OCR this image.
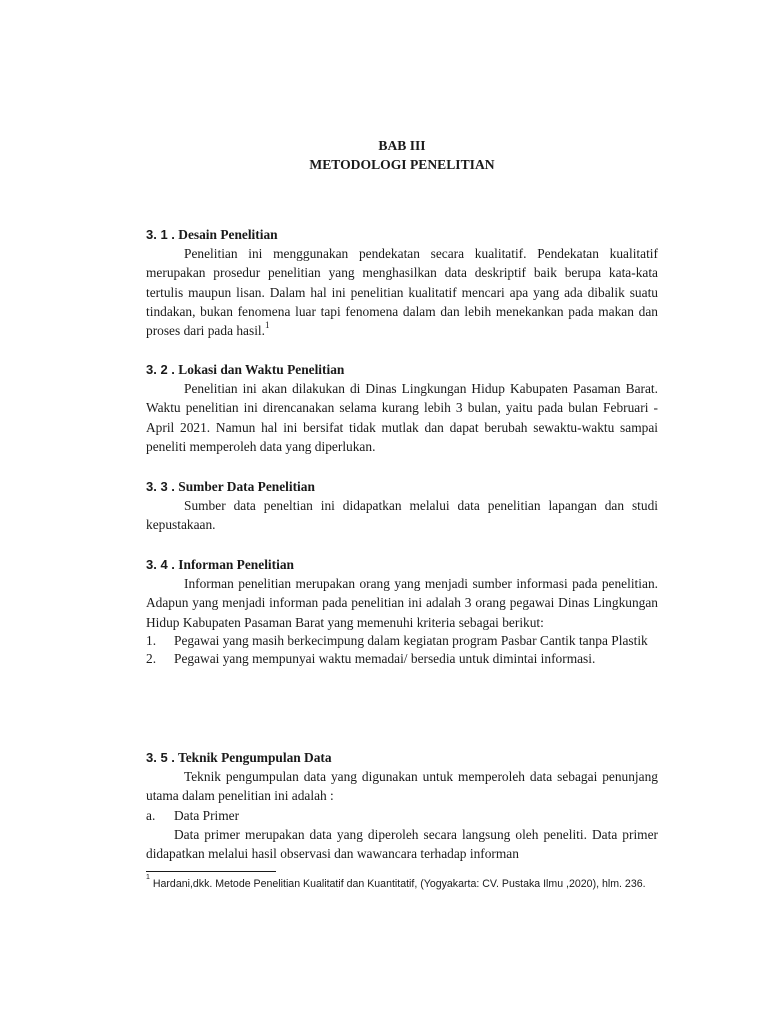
BAB III
METODOLOGI PENELITIAN

3. 1 . Desain Penelitian

Penelitian ini menggunakan pendekatan secara kualitatif. Pendekatan kualitatif merupakan prosedur penelitian yang menghasilkan data deskriptif baik berupa kata-kata tertulis maupun lisan. Dalam hal ini penelitian kualitatif mencari apa yang ada dibalik suatu tindakan, bukan fenomena luar tapi fenomena dalam dan lebih menekankan pada makan dan proses dari pada hasil.$^1$

3. 2 . Lokasi dan Waktu Penelitian

Penelitian ini akan dilakukan di Dinas Lingkungan Hidup Kabupaten Pasaman Barat. Waktu penelitian ini direncanakan selama kurang lebih 3 bulan, yaitu pada bulan Februari - April 2021. Namun hal ini bersifat tidak mutlak dan dapat berubah sewaktu-waktu sampai peneliti memperoleh data yang diperlukan.

3. 3 . Sumber Data Penelitian

Sumber data peneltian ini didapatkan melalui data penelitian lapangan dan studi kepustakaan.

3. 4 . Informan Penelitian

Informan penelitian merupakan orang yang menjadi sumber informasi pada penelitian. Adapun yang menjadi informan pada penelitian ini adalah 3 orang pegawai Dinas Lingkungan Hidup Kabupaten Pasaman Barat yang memenuhi kriteria sebagai berikut:

1. Pegawai yang masih berkecimpung dalam kegiatan program Pasbar Cantik tanpa Plastik
2. Pegawai yang mempunyai waktu memadai/ bersedia untuk dimintai informasi.

3. 5 . Teknik Pengumpulan Data

Teknik pengumpulan data yang digunakan untuk memperoleh data sebagai penunjang utama dalam penelitian ini adalah :

a. Data Primer

Data primer merupakan data yang diperoleh secara langsung oleh peneliti. Data primer didapatkan melalui hasil observasi dan wawancara terhadap informan

$^1$ Hardani,dkk. Metode Penelitian Kualitatif dan Kuantitatif, (Yogyakarta: CV. Pustaka Ilmu ,2020), hlm. 236.
